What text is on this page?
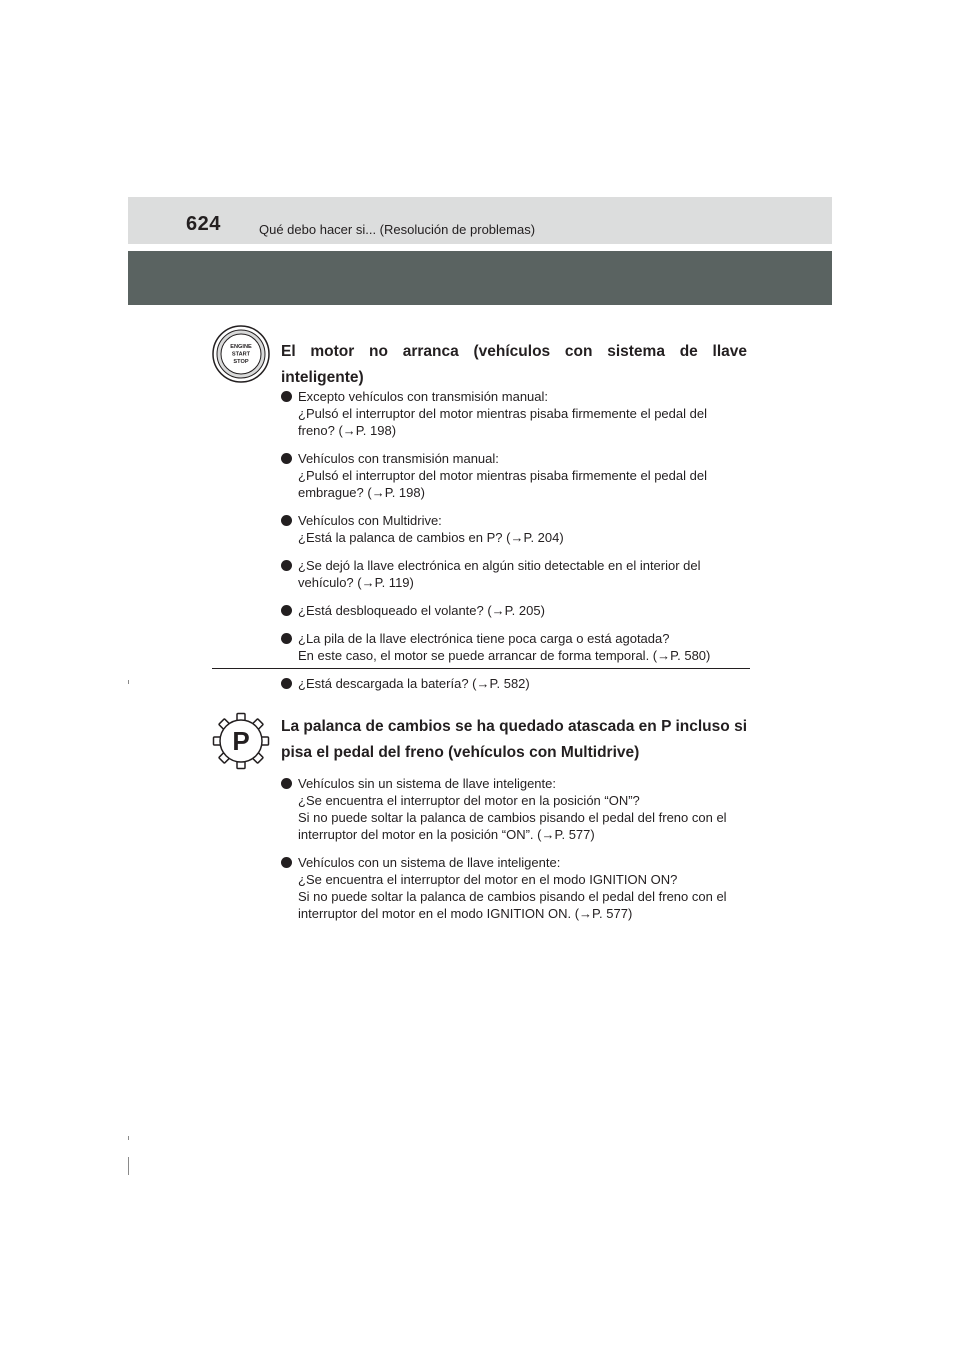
624	Qué debo hacer si... (Resolución de problemas)
ENGINE
START
STOP
El motor no arranca (vehículos con sistema de llave inteligente)
Excepto vehículos con transmisión manual:
¿Pulsó el interruptor del motor mientras pisaba firmemente el pedal del
freno? (→P. 198)
Vehículos con transmisión manual:
¿Pulsó el interruptor del motor mientras pisaba firmemente el pedal del
embrague? (→P. 198)
Vehículos con Multidrive:
¿Está la palanca de cambios en P? (→P. 204)
¿Se dejó la llave electrónica en algún sitio detectable en el interior del
vehículo? (→P. 119)
¿Está desbloqueado el volante? (→P. 205)
¿La pila de la llave electrónica tiene poca carga o está agotada?
En este caso, el motor se puede arrancar de forma temporal. (→P. 580)
¿Está descargada la batería? (→P. 582)
P La palanca de cambios se ha quedado atascada en P incluso si pisa el pedal del freno (vehículos con Multidrive)
Vehículos sin un sistema de llave inteligente:
¿Se encuentra el interruptor del motor en la posición “ON”?
Si no puede soltar la palanca de cambios pisando el pedal del freno con el
interruptor del motor en la posición “ON”. (→P. 577)
Vehículos con un sistema de llave inteligente:
¿Se encuentra el interruptor del motor en el modo IGNITION ON?
Si no puede soltar la palanca de cambios pisando el pedal del freno con el
interruptor del motor en el modo IGNITION ON. (→P. 577)
